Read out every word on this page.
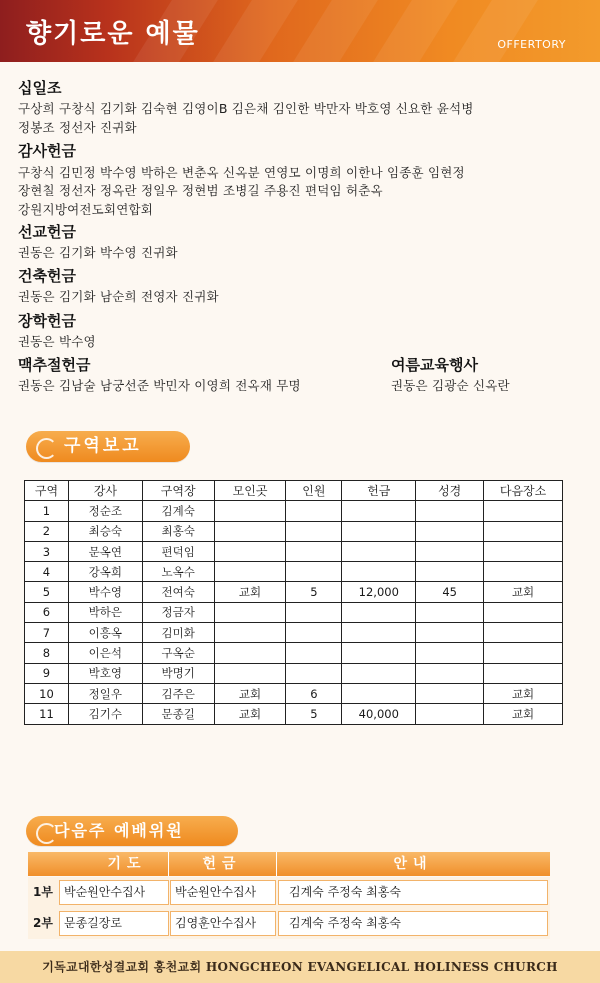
향기로운 예물	OFFERTORY
십일조
구상희 구창식 김기화 김숙현 김영이B 김은채 김인한 박만자 박호영 신요한 윤석병
정봉조 정선자 진귀화
감사헌금
구창식 김민정 박수영 박하은 변춘옥 신옥분 연영모 이명희 이한나 임종훈 임현정
장현칠 정선자 정옥란 정일우 정현범 조병길 주용진 편덕임 허춘옥
강원지방여전도회연합회
선교헌금
권동은 김기화 박수영 진귀화
건축헌금
권동은 김기화 남순희 전영자 진귀화
장학헌금
권동은 박수영
맥추절헌금
권동은 김남술 남궁선준 박민자 이영희 전옥재 무명
여름교육행사
권동은 김광순 신옥란
구역보고
구역	강사	구역장	모인곳	인원	헌금	성경	다음장소
1	정순조	김계숙					
2	최승숙	최홍숙					
3	문옥연	편덕임					
4	강옥희	노옥수					
5	박수영	전여숙	교회	5	12,000	45	교회
6	박하은	정금자					
7	이흥옥	김미화					
8	이은석	구옥순					
9	박호영	박명기					
10	정일우	김주은	교회	6			교회
11	김기수	문종길	교회	5	40,000		교회
다음주 예배위원
기도	헌금	안내
1부 박순원안수집사	박순원안수집사	김계숙 주정숙 최홍숙
2부 문종길장로	김영훈안수집사	김계숙 주정숙 최홍숙
기독교대한성결교회 홍천교회 HONGCHEON EVANGELICAL HOLINESS CHURCH
